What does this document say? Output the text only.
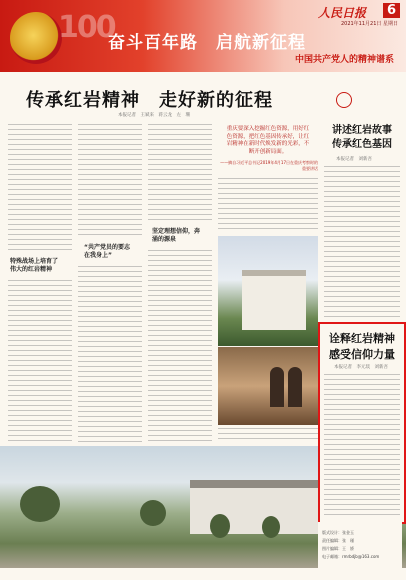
100
奋斗百年路　启航新征程
中国共产党人的精神谱系
人民日报	6
2021年11月21日 星期日
传承红岩精神　走好新的征程
本报记者　王斌来　蒋云龙　左　珊
特殊战场上培育了
伟大的红岩精神
“共产党员的要志
在我身上”
坚定理想信仰，奔
涌的源泉
重庆要深入挖掘红色资源，用好红
色资源，把红色基因传承好，让红
岩精神在新时代焕发新的光彩，不
断开创新局面。
——摘自习近平总书记2019年4月17日在重庆考察时的重要讲话
讲述红岩故事
传承红色基因
本报记者　刘新吾
诠释红岩精神
感受信仰力量
本报记者　李元琰　刘新吾
版式设计：张金玉
责任编辑：张　瑾
图片编辑：王　娇
电子邮箱：rmrbdjb@163.com
